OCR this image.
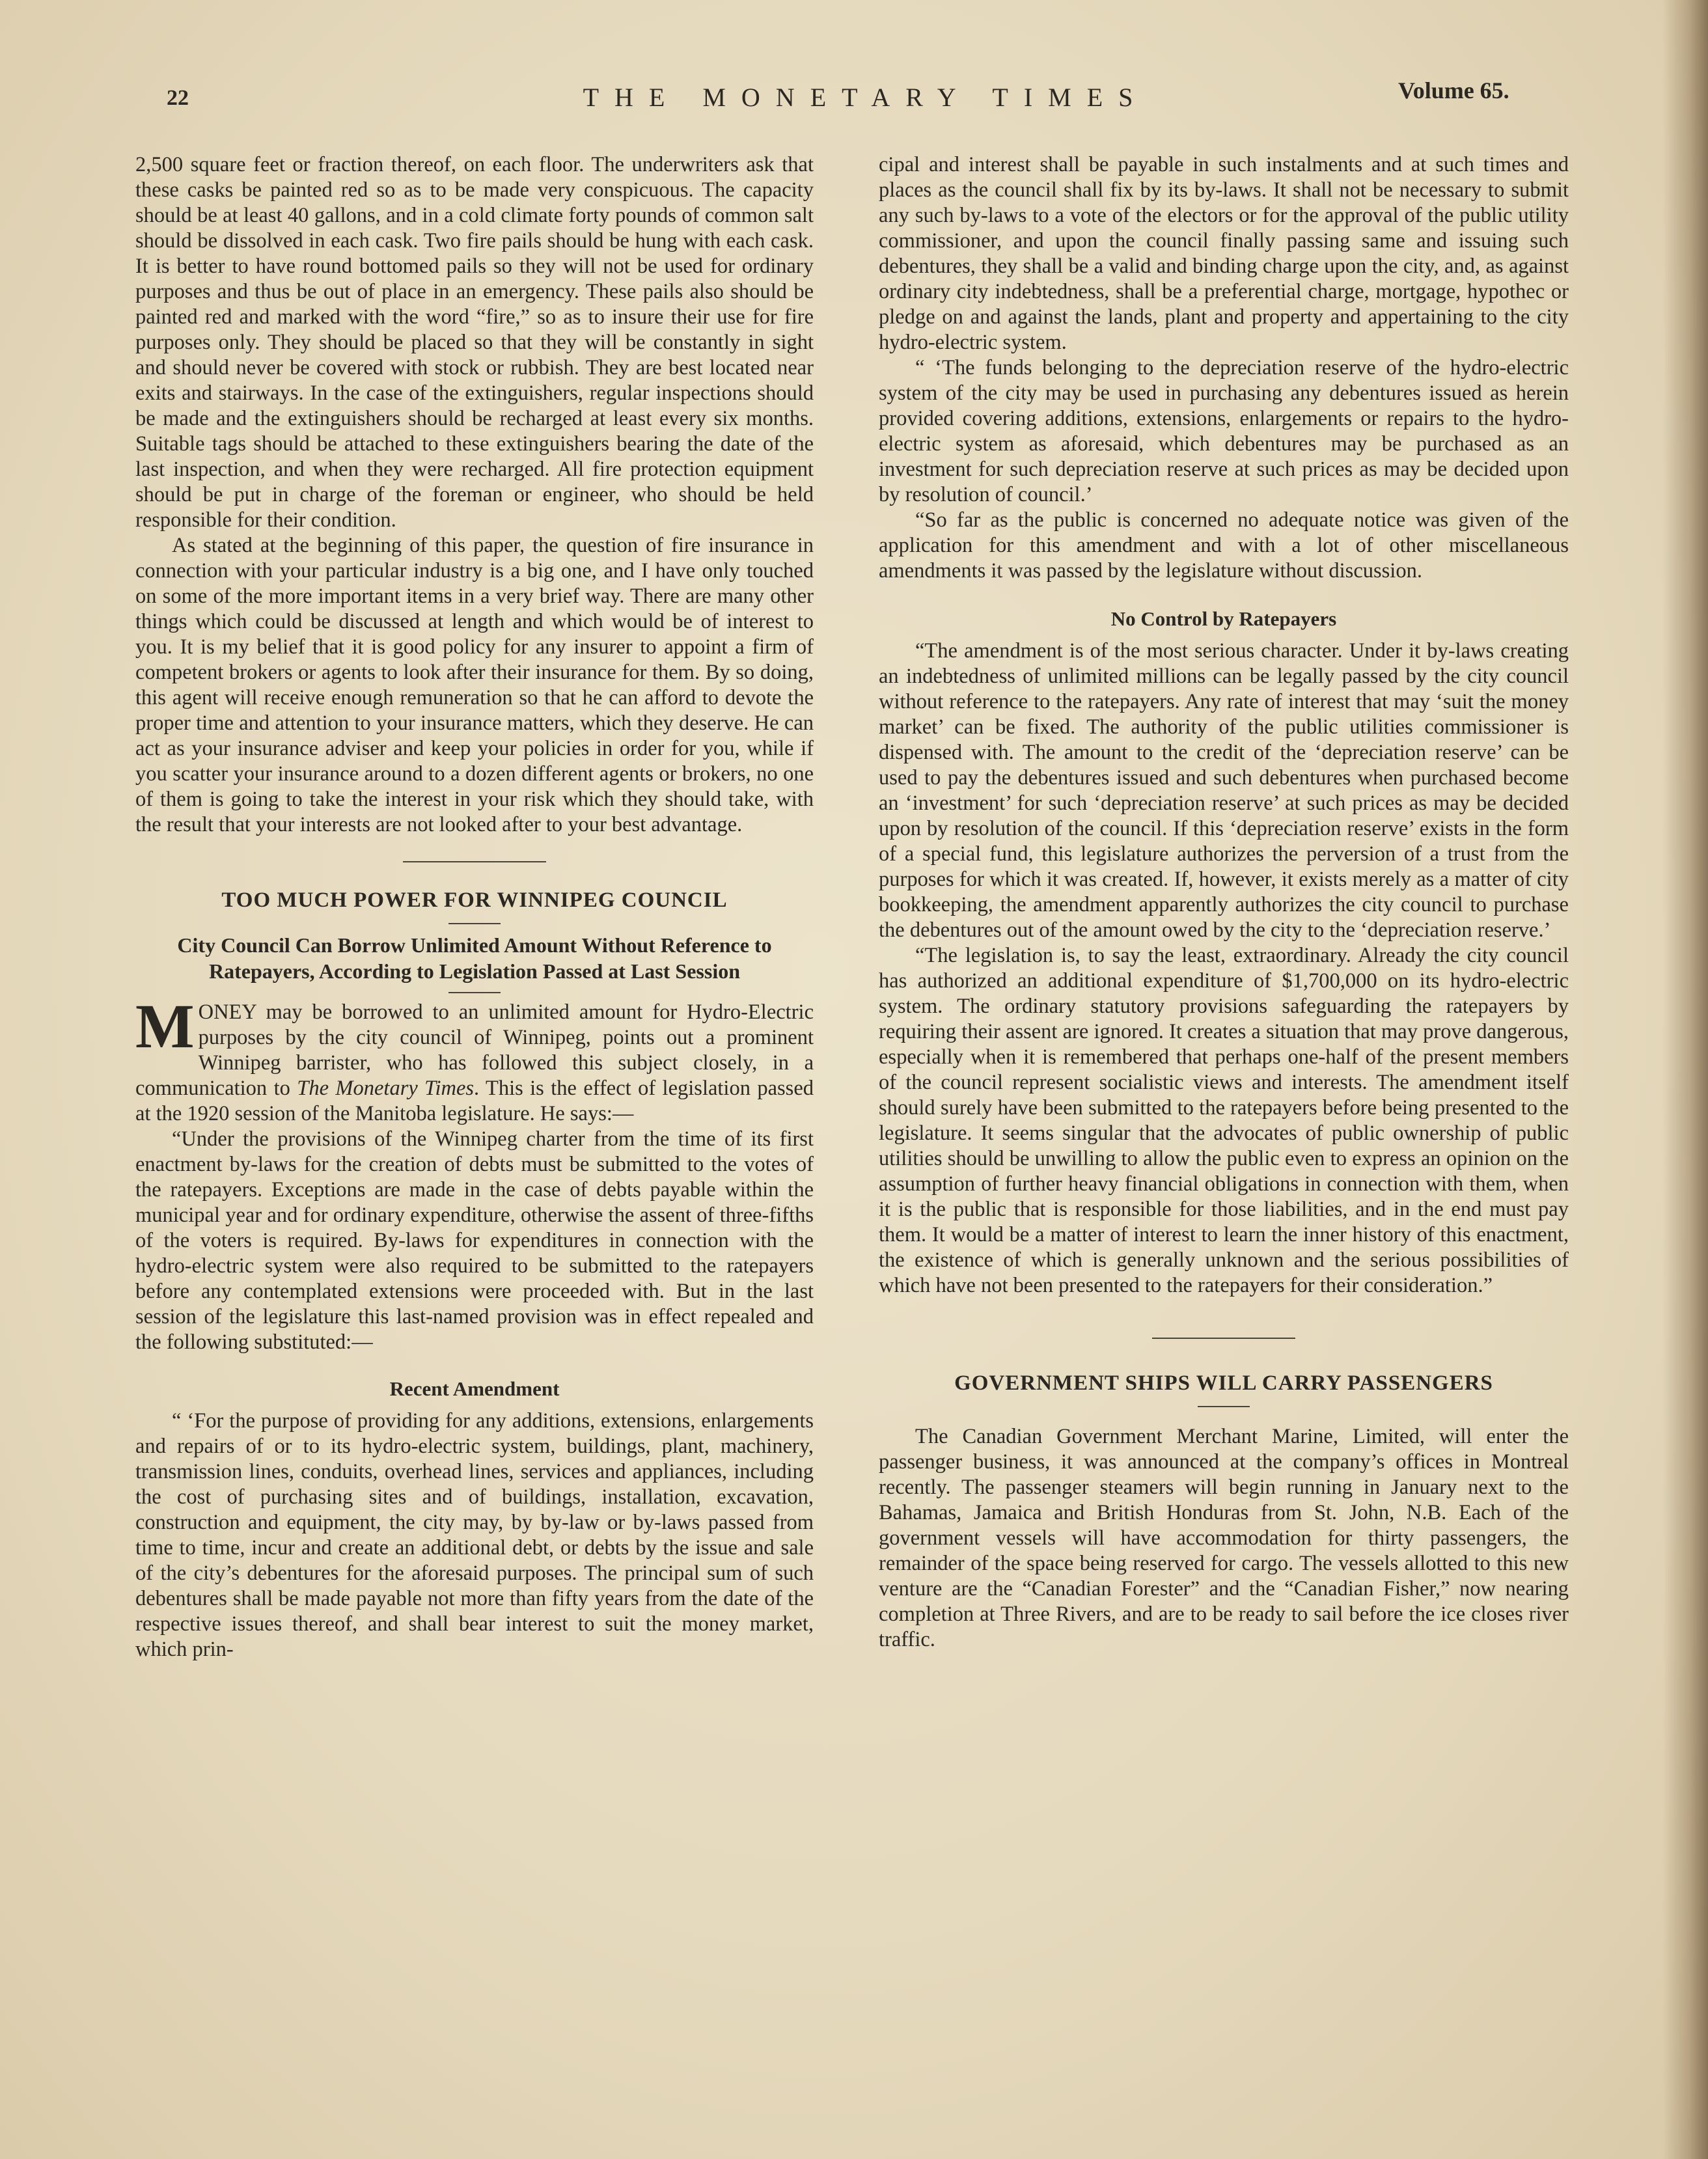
22	THE MONETARY TIMES	Volume 65.

2,500 square feet or fraction thereof, on each floor. The underwriters ask that these casks be painted red so as to be made very conspicuous. The capacity should be at least 40 gallons, and in a cold climate forty pounds of common salt should be dissolved in each cask. Two fire pails should be hung with each cask. It is better to have round bottomed pails so they will not be used for ordinary purposes and thus be out of place in an emergency. These pails also should be painted red and marked with the word “fire,” so as to insure their use for fire purposes only. They should be placed so that they will be constantly in sight and should never be covered with stock or rubbish. They are best located near exits and stairways. In the case of the extinguishers, regular inspections should be made and the extinguishers should be recharged at least every six months. Suitable tags should be attached to these extinguishers bearing the date of the last inspection, and when they were recharged. All fire protection equipment should be put in charge of the foreman or engineer, who should be held responsible for their condition.

As stated at the beginning of this paper, the question of fire insurance in connection with your particular industry is a big one, and I have only touched on some of the more important items in a very brief way. There are many other things which could be discussed at length and which would be of interest to you. It is my belief that it is good policy for any insurer to appoint a firm of competent brokers or agents to look after their insurance for them. By so doing, this agent will receive enough remuneration so that he can afford to devote the proper time and attention to your insurance matters, which they deserve. He can act as your insurance adviser and keep your policies in order for you, while if you scatter your insurance around to a dozen different agents or brokers, no one of them is going to take the interest in your risk which they should take, with the result that your interests are not looked after to your best advantage.

TOO MUCH POWER FOR WINNIPEG COUNCIL
City Council Can Borrow Unlimited Amount Without Reference to Ratepayers, According to Legislation Passed at Last Session

MONEY may be borrowed to an unlimited amount for Hydro-Electric purposes by the city council of Winnipeg, points out a prominent Winnipeg barrister, who has followed this subject closely, in a communication to The Monetary Times. This is the effect of legislation passed at the 1920 session of the Manitoba legislature. He says:—

“Under the provisions of the Winnipeg charter from the time of its first enactment by-laws for the creation of debts must be submitted to the votes of the ratepayers. Exceptions are made in the case of debts payable within the municipal year and for ordinary expenditure, otherwise the assent of three-fifths of the voters is required. By-laws for expenditures in connection with the hydro-electric system were also required to be submitted to the ratepayers before any contemplated extensions were proceeded with. But in the last session of the legislature this last-named provision was in effect repealed and the following substituted:—

Recent Amendment

“ ‘For the purpose of providing for any additions, extensions, enlargements and repairs of or to its hydro-electric system, buildings, plant, machinery, transmission lines, conduits, overhead lines, services and appliances, including the cost of purchasing sites and of buildings, installation, excavation, construction and equipment, the city may, by by-law or by-laws passed from time to time, incur and create an additional debt, or debts by the issue and sale of the city’s debentures for the aforesaid purposes. The principal sum of such debentures shall be made payable not more than fifty years from the date of the respective issues thereof, and shall bear interest to suit the money market, which prin-

cipal and interest shall be payable in such instalments and at such times and places as the council shall fix by its by-laws. It shall not be necessary to submit any such by-laws to a vote of the electors or for the approval of the public utility commissioner, and upon the council finally passing same and issuing such debentures, they shall be a valid and binding charge upon the city, and, as against ordinary city indebtedness, shall be a preferential charge, mortgage, hypothec or pledge on and against the lands, plant and property and appertaining to the city hydro-electric system.

“ ‘The funds belonging to the depreciation reserve of the hydro-electric system of the city may be used in purchasing any debentures issued as herein provided covering additions, extensions, enlargements or repairs to the hydro-electric system as aforesaid, which debentures may be purchased as an investment for such depreciation reserve at such prices as may be decided upon by resolution of council.’

“So far as the public is concerned no adequate notice was given of the application for this amendment and with a lot of other miscellaneous amendments it was passed by the legislature without discussion.

No Control by Ratepayers

“The amendment is of the most serious character. Under it by-laws creating an indebtedness of unlimited millions can be legally passed by the city council without reference to the ratepayers. Any rate of interest that may ‘suit the money market’ can be fixed. The authority of the public utilities commissioner is dispensed with. The amount to the credit of the ‘depreciation reserve’ can be used to pay the debentures issued and such debentures when purchased become an ‘investment’ for such ‘depreciation reserve’ at such prices as may be decided upon by resolution of the council. If this ‘depreciation reserve’ exists in the form of a special fund, this legislature authorizes the perversion of a trust from the purposes for which it was created. If, however, it exists merely as a matter of city bookkeeping, the amendment apparently authorizes the city council to purchase the debentures out of the amount owed by the city to the ‘depreciation reserve.’

“The legislation is, to say the least, extraordinary. Already the city council has authorized an additional expenditure of $1,700,000 on its hydro-electric system. The ordinary statutory provisions safeguarding the ratepayers by requiring their assent are ignored. It creates a situation that may prove dangerous, especially when it is remembered that perhaps one-half of the present members of the council represent socialistic views and interests. The amendment itself should surely have been submitted to the ratepayers before being presented to the legislature. It seems singular that the advocates of public ownership of public utilities should be unwilling to allow the public even to express an opinion on the assumption of further heavy financial obligations in connection with them, when it is the public that is responsible for those liabilities, and in the end must pay them. It would be a matter of interest to learn the inner history of this enactment, the existence of which is generally unknown and the serious possibilities of which have not been presented to the ratepayers for their consideration.”

GOVERNMENT SHIPS WILL CARRY PASSENGERS

The Canadian Government Merchant Marine, Limited, will enter the passenger business, it was announced at the company’s offices in Montreal recently. The passenger steamers will begin running in January next to the Bahamas, Jamaica and British Honduras from St. John, N.B. Each of the government vessels will have accommodation for thirty passengers, the remainder of the space being reserved for cargo. The vessels allotted to this new venture are the “Canadian Forester” and the “Canadian Fisher,” now nearing completion at Three Rivers, and are to be ready to sail before the ice closes river traffic.
